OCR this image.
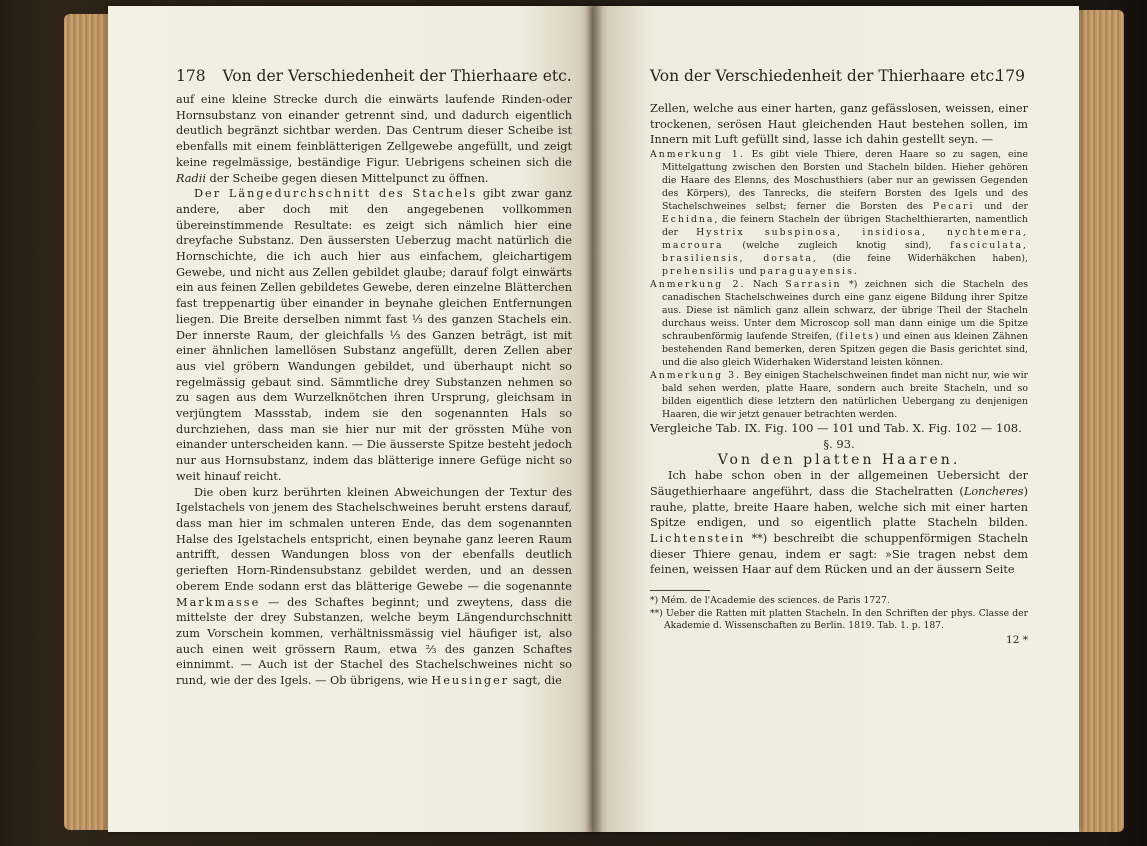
178 Von der Verschiedenheit der Thierhaare etc.

auf eine kleine Strecke durch die einwärts laufende Rinden-oder Hornsubstanz von einander getrennt sind, und dadurch eigentlich deutlich begränzt sichtbar werden. Das Centrum dieser Scheibe ist ebenfalls mit einem feinblätterigen Zellgewebe angefüllt, und zeigt keine regelmässige, beständige Figur. Uebrigens scheinen sich die Radii der Scheibe gegen diesen Mittelpunct zu öffnen.

Der Längedurchschnitt des Stachels gibt zwar ganz andere, aber doch mit den angegebenen vollkommen übereinstimmende Resultate: es zeigt sich nämlich hier eine dreyfache Substanz. Den äussersten Ueberzug macht natürlich die Hornschichte, die ich auch hier aus einfachem, gleichartigem Gewebe, und nicht aus Zellen gebildet glaube; darauf folgt einwärts ein aus feinen Zellen gebildetes Gewebe, deren einzelne Blätterchen fast treppenartig über einander in beynahe gleichen Entfernungen liegen. Die Breite derselben nimmt fast ⅓ des ganzen Stachels ein. Der innerste Raum, der gleichfalls ⅓ des Ganzen beträgt, ist mit einer ähnlichen lamellösen Substanz angefüllt, deren Zellen aber aus viel gröbern Wandungen gebildet, und überhaupt nicht so regelmässig gebaut sind. Sämmtliche drey Substanzen nehmen so zu sagen aus dem Wurzelknötchen ihren Ursprung, gleichsam in verjüngtem Massstab, indem sie den sogenannten Hals so durchziehen, dass man sie hier nur mit der grössten Mühe von einander unterscheiden kann. — Die äusserste Spitze besteht jedoch nur aus Hornsubstanz, indem das blätterige innere Gefüge nicht so weit hinauf reicht.

Die oben kurz berührten kleinen Abweichungen der Textur des Igelstachels von jenem des Stachelschweines beruht erstens darauf, dass man hier im schmalen unteren Ende, das dem sogenannten Halse des Igelstachels entspricht, einen beynahe ganz leeren Raum antrifft, dessen Wandungen bloss von der ebenfalls deutlich gerieften Horn-Rindensubstanz gebildet werden, und an dessen oberem Ende sodann erst das blätterige Gewebe — die sogenannte Markmasse — des Schaftes beginnt; und zweytens, dass die mittelste der drey Substanzen, welche beym Längendurchschnitt zum Vorschein kommen, verhältnissmässig viel häufiger ist, also auch einen weit grössern Raum, etwa ⅔ des ganzen Schaftes einnimmt. — Auch ist der Stachel des Stachelschweines nicht so rund, wie der des Igels. — Ob übrigens, wie Heusinger sagt, die

Von der Verschiedenheit der Thierhaare etc.
179

Zellen, welche aus einer harten, ganz gefässlosen, weissen, einer trockenen, serösen Haut gleichenden Haut bestehen sollen, im Innern mit Luft gefüllt sind, lasse ich dahin gestellt seyn. —

Anmerkung 1. Es gibt viele Thiere, deren Haare so zu sagen, eine Mittelgattung zwischen den Borsten und Stacheln bilden. Hieher gehören die Haare des Elenns, des Moschusthiers (aber nur an gewissen Gegenden des Körpers), des Tanrecks, die steifern Borsten des Igels und des Stachelschweines selbst; ferner die Borsten des Pecari und der Echidna, die feinern Stacheln der übrigen Stachelthierarten, namentlich der Hystrix subspinosa, insidiosa, nychtemera, macroura (welche zugleich knotig sind), fasciculata, brasiliensis, dorsata, (die feine Widerhäkchen haben), prehensilis und paraguayensis.

Anmerkung 2. Nach Sarrasin *) zeichnen sich die Stacheln des canadischen Stachelschweines durch eine ganz eigene Bildung ihrer Spitze aus. Diese ist nämlich ganz allein schwarz, der übrige Theil der Stacheln durchaus weiss. Unter dem Microscop soll man dann einige um die Spitze schraubenförmig laufende Streifen, (filets) und einen aus kleinen Zähnen bestehenden Rand bemerken, deren Spitzen gegen die Basis gerichtet sind, und die also gleich Widerhaken Widerstand leisten können.

Anmerkung 3. Bey einigen Stachelschweinen findet man nicht nur, wie wir bald sehen werden, platte Haare, sondern auch breite Stacheln, und so bilden eigentlich diese letztern den natürlichen Uebergang zu denjenigen Haaren, die wir jetzt genauer betrachten werden.

Vergleiche Tab. IX. Fig. 100 — 101 und Tab. X. Fig. 102 — 108.

§. 93.

Von den platten Haaren.

Ich habe schon oben in der allgemeinen Uebersicht der Säugethierhaare angeführt, dass die Stachelratten (Loncheres) rauhe, platte, breite Haare haben, welche sich mit einer harten Spitze endigen, und so eigentlich platte Stacheln bilden. Lichtenstein **) beschreibt die schuppenförmigen Stacheln dieser Thiere genau, indem er sagt: »Sie tragen nebst dem feinen, weissen Haar auf dem Rücken und an der äussern Seite

*) Mém. de l'Academie des sciences. de Paris 1727.

**) Ueber die Ratten mit platten Stacheln. In den Schriften der phys. Classe der Akademie d. Wissenschaften zu Berlin. 1819. Tab. 1. p. 187.

12 *
